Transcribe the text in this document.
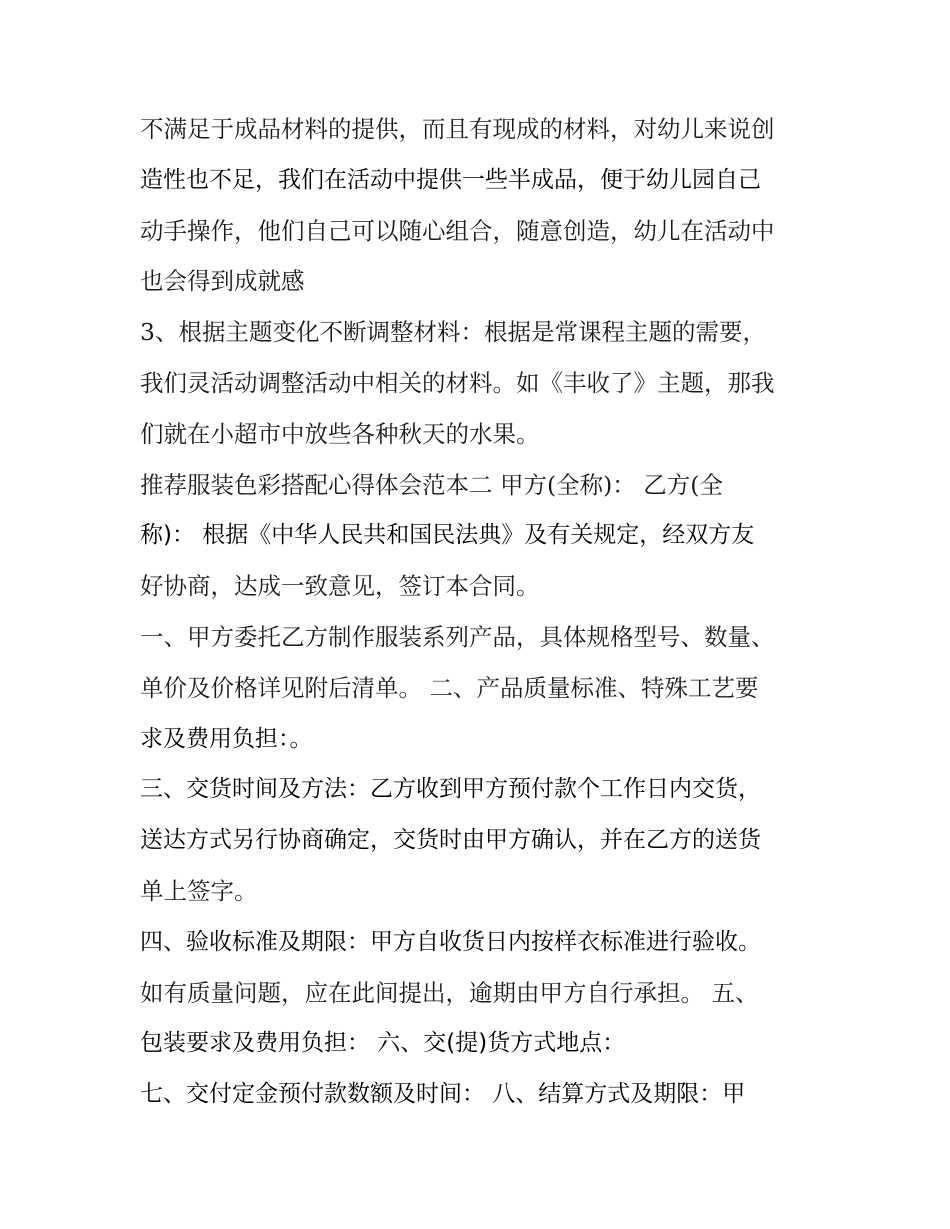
不满足于成品材料的提供，而且有现成的材料，对幼儿来说创
造性也不足，我们在活动中提供一些半成品，便于幼儿园自己
动手操作，他们自己可以随心组合，随意创造，幼儿在活动中
也会得到成就感
3、根据主题变化不断调整材料：根据是常课程主题的需要，
我们灵活动调整活动中相关的材料。如《丰收了》主题，那我
们就在小超市中放些各种秋天的水果。
推荐服装色彩搭配心得体会范本二 甲方(全称)： 乙方(全
称)： 根据《中华人民共和国民法典》及有关规定，经双方友
好协商，达成一致意见，签订本合同。
一、甲方委托乙方制作服装系列产品，具体规格型号、数量、
单价及价格详见附后清单。 二、产品质量标准、特殊工艺要
求及费用负担：。
三、交货时间及方法：乙方收到甲方预付款个工作日内交货，
送达方式另行协商确定，交货时由甲方确认，并在乙方的送货
单上签字。
四、验收标准及期限：甲方自收货日内按样衣标准进行验收。
如有质量问题，应在此间提出，逾期由甲方自行承担。 五、
包装要求及费用负担： 六、交(提)货方式地点：
七、交付定金预付款数额及时间： 八、结算方式及期限：甲
